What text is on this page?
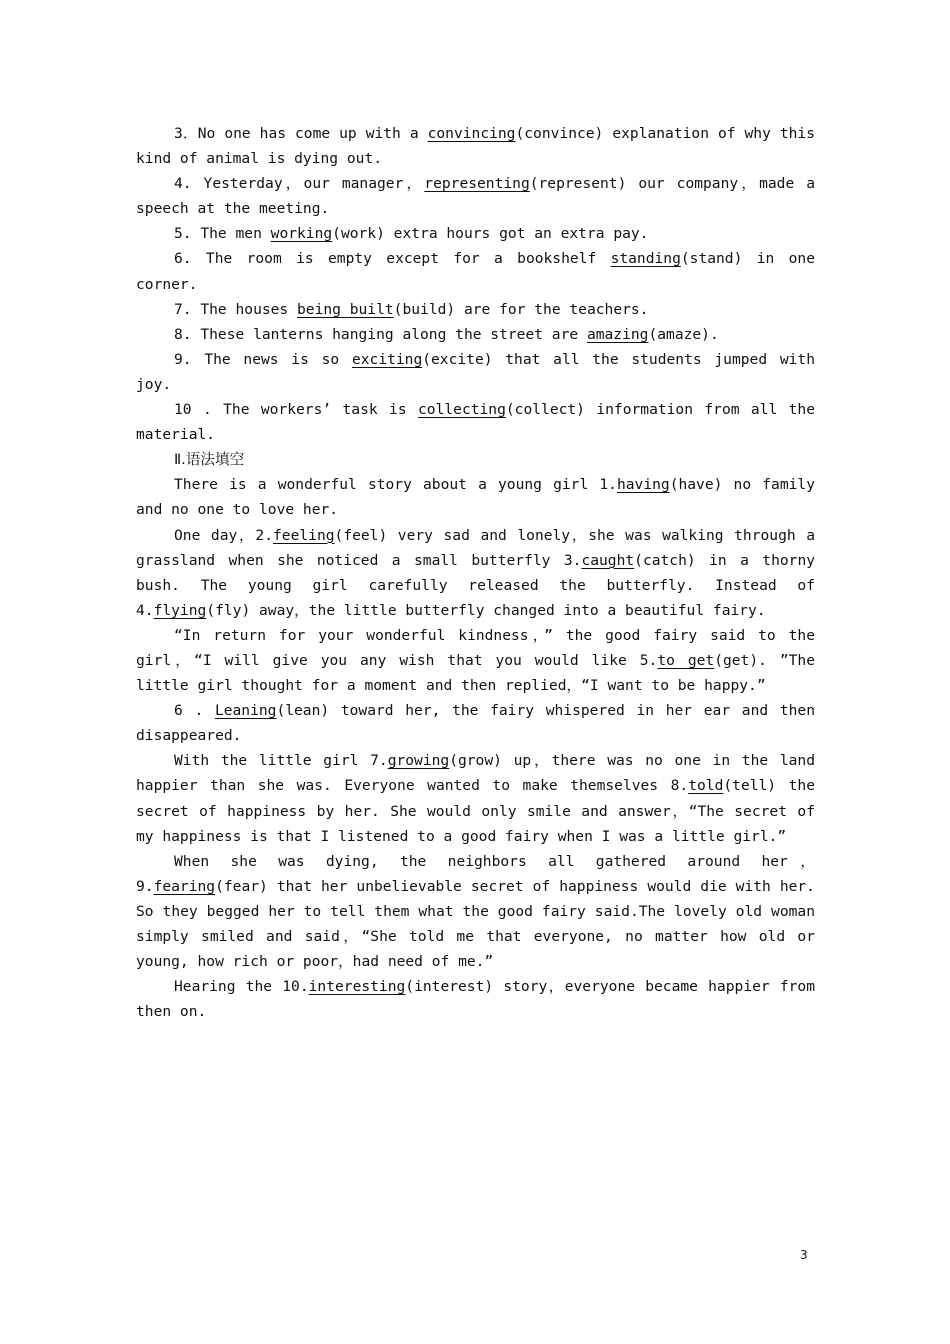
3．No one has come up with a convincing(convince) explanation of why this kind of animal is dying out.

4. Yesterday，our manager，representing(represent) our company，made a speech at the meeting.

5. The men working(work) extra hours got an extra pay.

6. The room is empty except for a bookshelf standing(stand) in one corner.

7. The houses being built(build) are for the teachers.

8. These lanterns hanging along the street are amazing(amaze).

9. The news is so exciting(excite) that all the students jumped with joy.

10 . The workers’ task is collecting(collect) information from all the material.

Ⅱ.语法填空

There is a wonderful story about a young girl 1.having(have) no family and no one to love her.

One day，2.feeling(feel) very sad and lonely，she was walking through a grassland when she noticed a small butterfly 3.caught(catch) in a thorny bush. The young girl carefully released the butterfly. Instead of 4.flying(fly) away，the little butterfly changed into a beautiful fairy.

“In return for your wonderful kindness，” the good fairy said to the girl，“I will give you any wish that you would like 5.to get(get). ”The little girl thought for a moment and then replied，“I want to be happy.”

6 . Leaning(lean) toward her, the fairy whispered in her ear and then disappeared.

With the little girl 7.growing(grow) up，there was no one in the land happier than she was. Everyone wanted to make themselves 8.told(tell) the secret of happiness by her. She would only smile and answer，“The secret of my happiness is that I listened to a good fairy when I was a little girl.”

When she was dying, the neighbors all gathered around her，9.fearing(fear) that her unbelievable secret of happiness would die with her. So they begged her to tell them what the good fairy said.The lovely old woman simply smiled and said，“She told me that everyone, no matter how old or young, how rich or poor，had need of me.”

Hearing the 10.interesting(interest) story，everyone became happier from then on.

3
